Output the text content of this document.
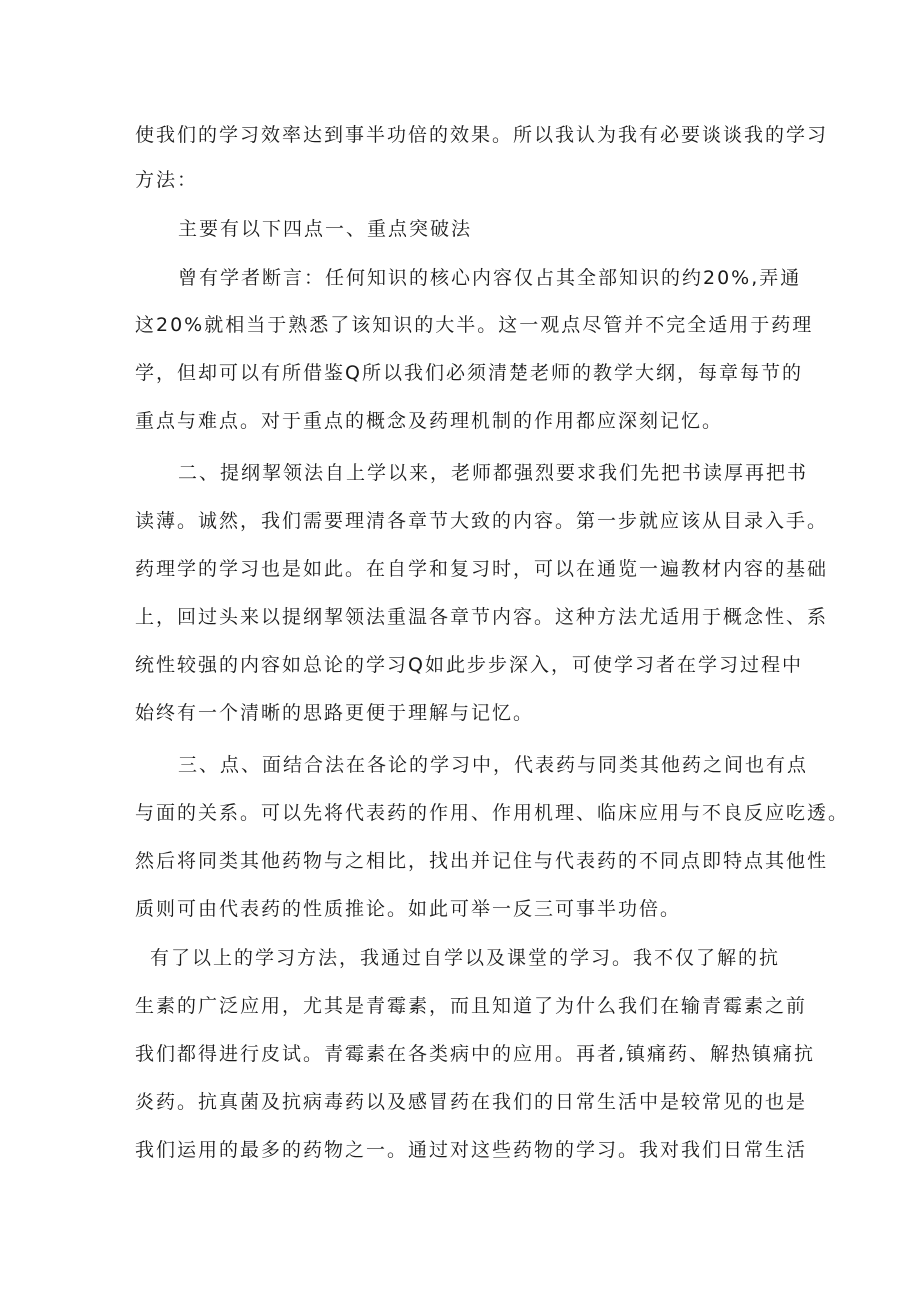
使我们的学习效率达到事半功倍的效果。所以我认为我有必要谈谈我的学习
方法：
主要有以下四点一、重点突破法
曾有学者断言：任何知识的核心内容仅占其全部知识的约20%,弄通
这20%就相当于熟悉了该知识的大半。这一观点尽管并不完全适用于药理
学，但却可以有所借鉴Q所以我们必须清楚老师的教学大纲，每章每节的
重点与难点。对于重点的概念及药理机制的作用都应深刻记忆。
二、提纲挈领法自上学以来，老师都强烈要求我们先把书读厚再把书
读薄。诚然，我们需要理清各章节大致的内容。第一步就应该从目录入手。
药理学的学习也是如此。在自学和复习时，可以在通览一遍教材内容的基础
上，回过头来以提纲挈领法重温各章节内容。这种方法尤适用于概念性、系
统性较强的内容如总论的学习Q如此步步深入，可使学习者在学习过程中
始终有一个清晰的思路更便于理解与记忆。
三、点、面结合法在各论的学习中，代表药与同类其他药之间也有点
与面的关系。可以先将代表药的作用、作用机理、临床应用与不良反应吃透。
然后将同类其他药物与之相比，找出并记住与代表药的不同点即特点其他性
质则可由代表药的性质推论。如此可举一反三可事半功倍。
有了以上的学习方法，我通过自学以及课堂的学习。我不仅了解的抗
生素的广泛应用，尤其是青霉素，而且知道了为什么我们在输青霉素之前
我们都得进行皮试。青霉素在各类病中的应用。再者,镇痛药、解热镇痛抗
炎药。抗真菌及抗病毒药以及感冒药在我们的日常生活中是较常见的也是
我们运用的最多的药物之一。通过对这些药物的学习。我对我们日常生活
